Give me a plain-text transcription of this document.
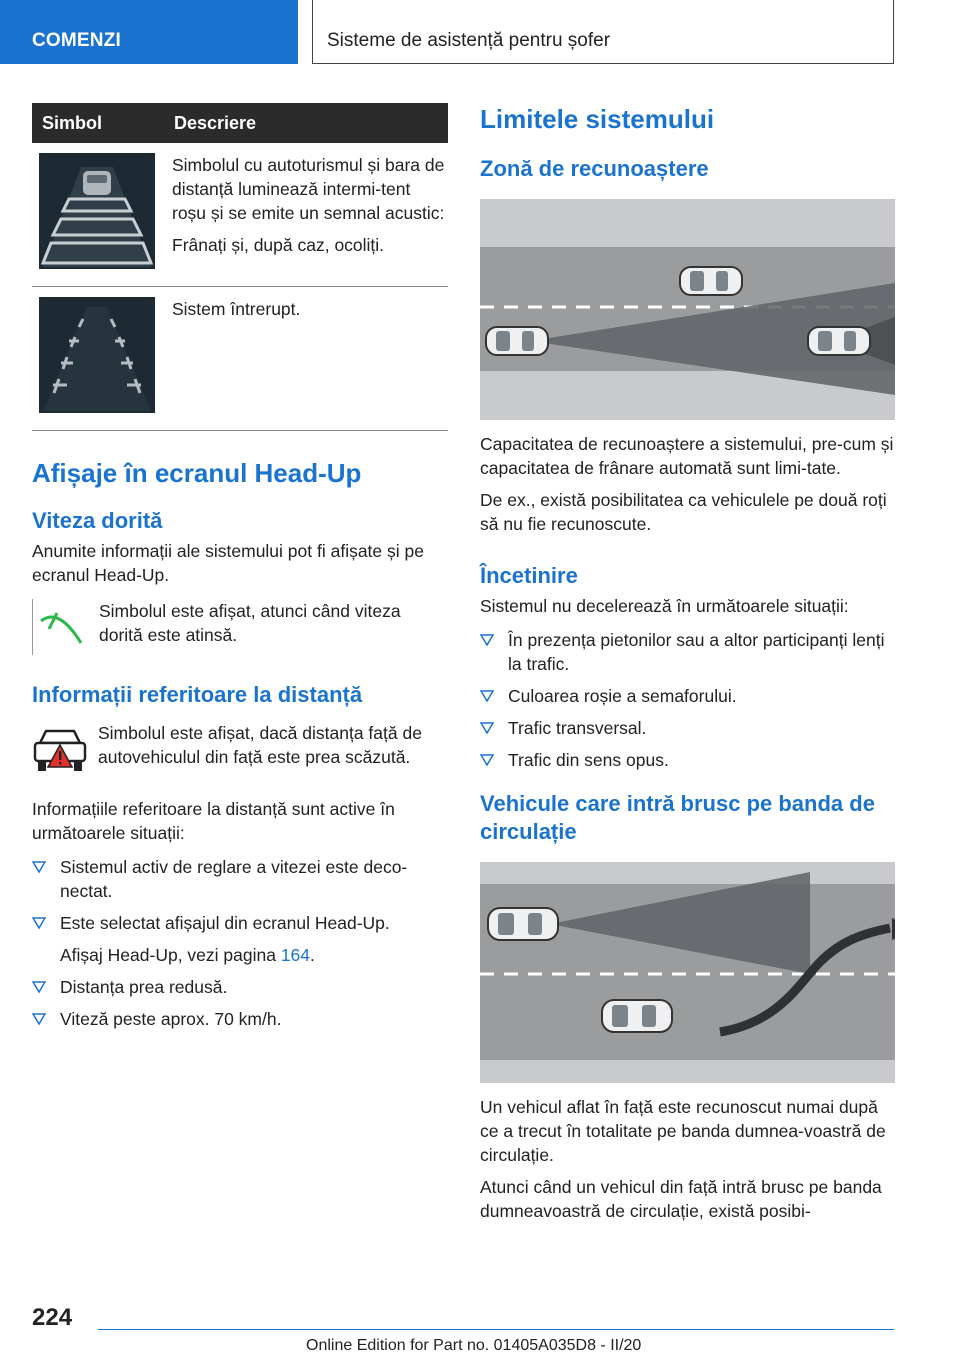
COMENZI	Sisteme de asistență pentru șofer
Simbol	Descriere

Simbolul cu autoturismul și bara de distanță luminează intermi-tent roșu și se emite un semnal acustic:

Frânați și, după caz, ocoliți.

Sistem întrerupt.

Afișaje în ecranul Head-Up
Viteza dorită

Anumite informații ale sistemului pot fi afișate și pe ecranul Head-Up.

Simbolul este afișat, atunci când viteza dorită este atinsă.

Informații referitoare la distanță

Simbolul este afișat, dacă distanța față de autovehiculul din față este prea scăzută.

Informațiile referitoare la distanță sunt active în următoarele situații:

Sistemul activ de reglare a vitezei este deco-nectat.
Este selectat afișajul din ecranul Head-Up.

Afișaj Head-Up, vezi pagina 164.

Distanța prea redusă.
Viteză peste aprox. 70 km/h.
Limitele sistemului
Zonă de recunoaștere

Capacitatea de recunoaștere a sistemului, pre-cum și capacitatea de frânare automată sunt limi-tate.

De ex., există posibilitatea ca vehiculele pe două roți să nu fie recunoscute.

Încetinire

Sistemul nu decelerează în următoarele situații:

În prezența pietonilor sau a altor participanți lenți la trafic.
Culoarea roșie a semaforului.
Trafic transversal.
Trafic din sens opus.
Vehicule care intră brusc pe banda de circulație

Un vehicul aflat în față este recunoscut numai după ce a trecut în totalitate pe banda dumnea-voastră de circulație.

Atunci când un vehicul din față intră brusc pe banda dumneavoastră de circulație, există posibi-

224
Online Edition for Part no. 01405A035D8 - II/20
